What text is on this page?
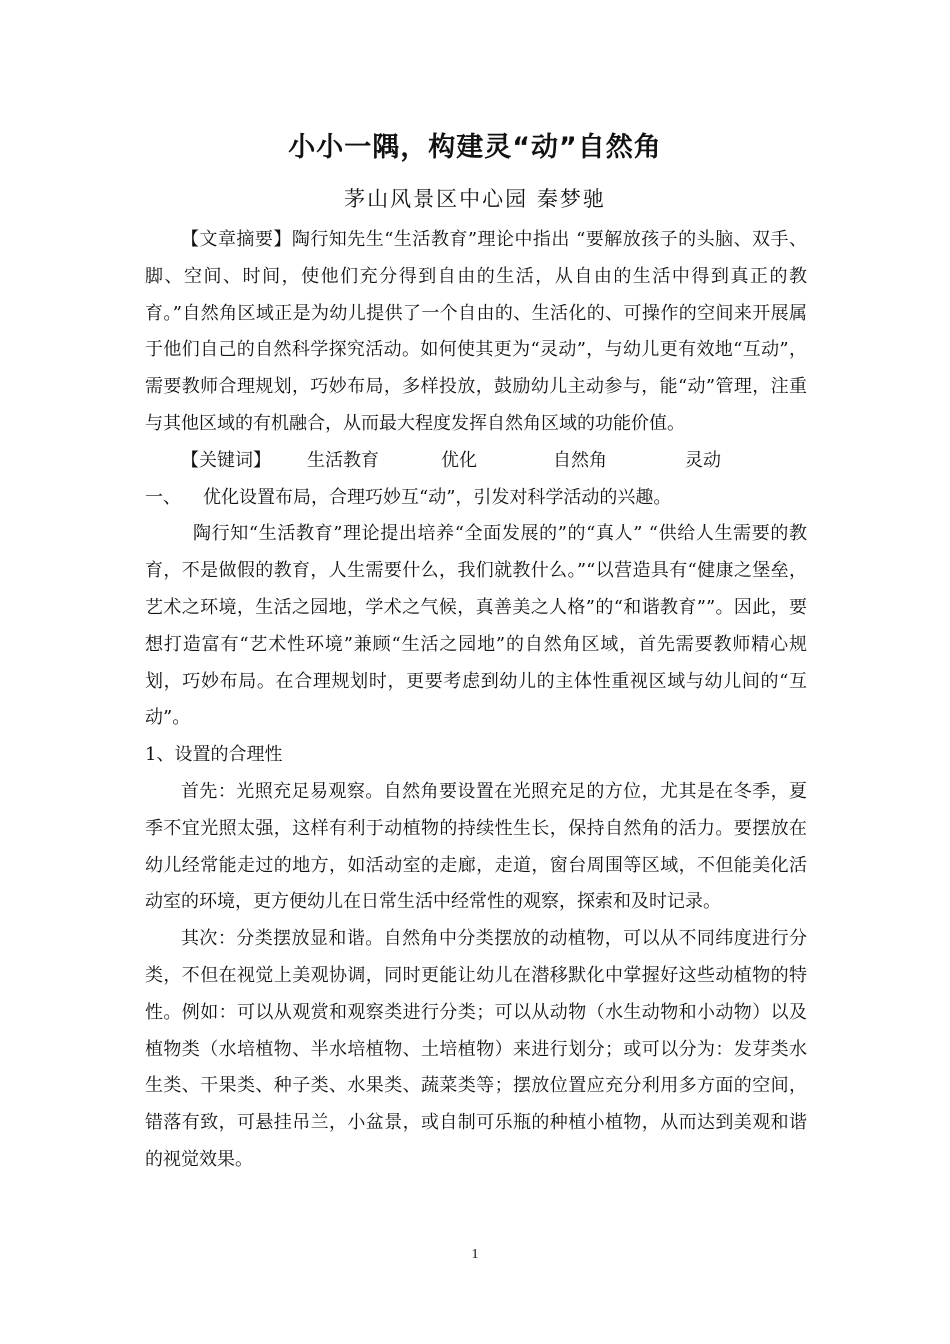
小小一隅，构建灵“动”自然角
茅山风景区中心园 秦梦驰

【文章摘要】陶行知先生“生活教育”理论中指出 “要解放孩子的头脑、双手、脚、空间、时间，使他们充分得到自由的生活，从自由的生活中得到真正的教育。”自然角区域正是为幼儿提供了一个自由的、生活化的、可操作的空间来开展属于他们自己的自然科学探究活动。如何使其更为“灵动”，与幼儿更有效地“互动”，需要教师合理规划，巧妙布局，多样投放，鼓励幼儿主动参与，能“动”管理，注重与其他区域的有机融合，从而最大程度发挥自然角区域的功能价值。

【关键词】 生活教育	优化	自然角	灵动

一、 优化设置布局，合理巧妙互“动”，引发对科学活动的兴趣。

陶行知“生活教育”理论提出培养“全面发展的”的“真人” “供给人生需要的教育，不是做假的教育，人生需要什么，我们就教什么。”“以营造具有“健康之堡垒，艺术之环境，生活之园地，学术之气候，真善美之人格”的“和谐教育””。因此，要想打造富有“艺术性环境”兼顾“生活之园地”的自然角区域，首先需要教师精心规划，巧妙布局。在合理规划时，更要考虑到幼儿的主体性重视区域与幼儿间的“互动”。

1、设置的合理性

首先：光照充足易观察。自然角要设置在光照充足的方位，尤其是在冬季，夏季不宜光照太强，这样有利于动植物的持续性生长，保持自然角的活力。要摆放在幼儿经常能走过的地方，如活动室的走廊，走道，窗台周围等区域，不但能美化活动室的环境，更方便幼儿在日常生活中经常性的观察，探索和及时记录。

其次：分类摆放显和谐。自然角中分类摆放的动植物，可以从不同纬度进行分类，不但在视觉上美观协调，同时更能让幼儿在潜移默化中掌握好这些动植物的特性。例如：可以从观赏和观察类进行分类；可以从动物（水生动物和小动物）以及植物类（水培植物、半水培植物、土培植物）来进行划分；或可以分为：发芽类水生类、干果类、种子类、水果类、蔬菜类等；摆放位置应充分利用多方面的空间，错落有致，可悬挂吊兰，小盆景，或自制可乐瓶的种植小植物，从而达到美观和谐的视觉效果。

1
